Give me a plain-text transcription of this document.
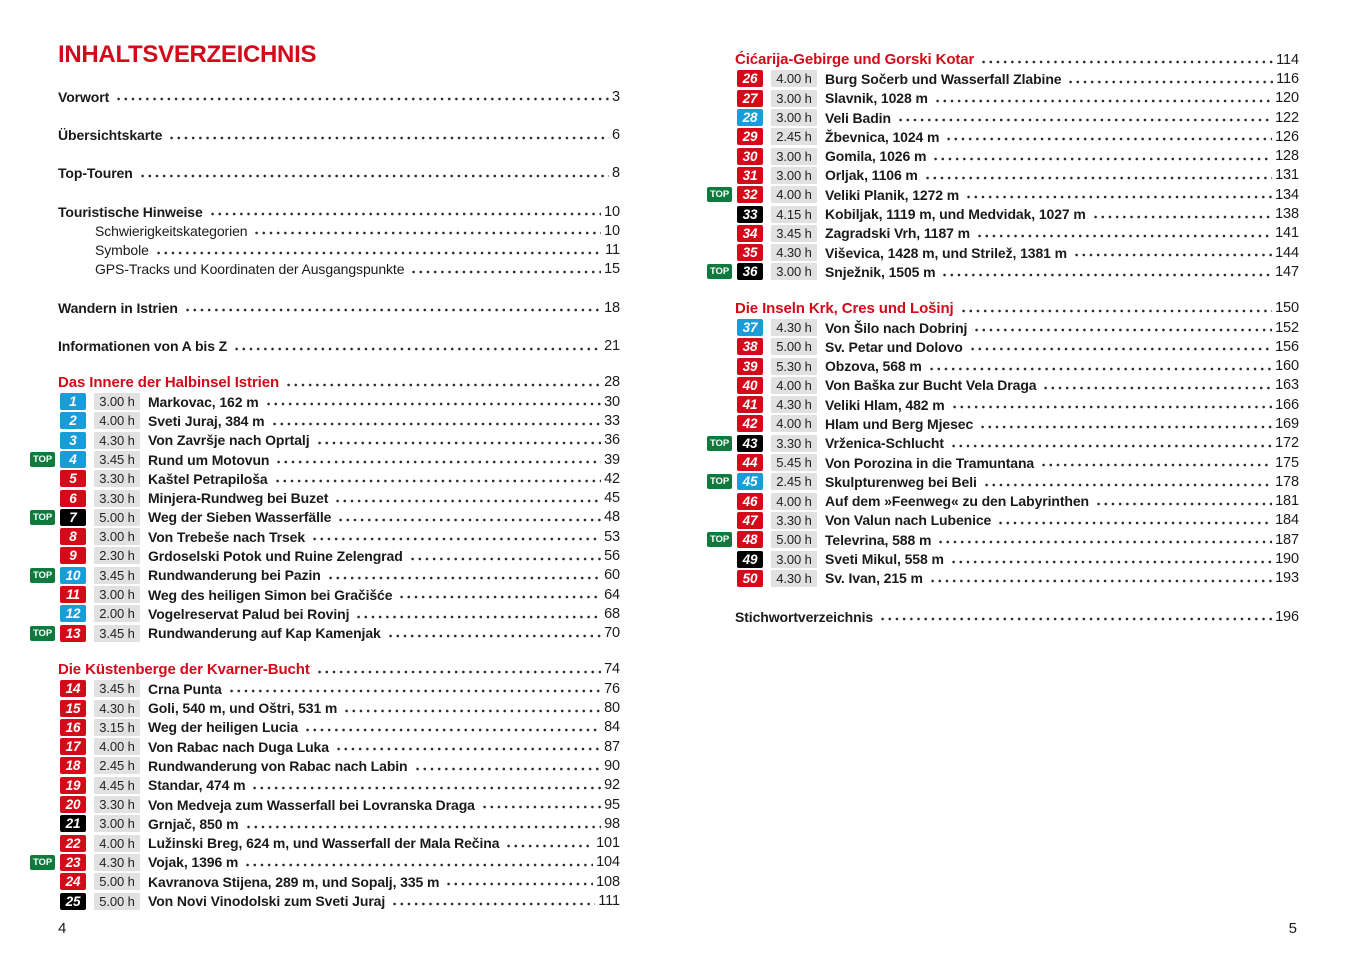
INHALTSVERZEICHNIS
Vorwort	3
Übersichtskarte	6
Top-Touren	8
Touristische Hinweise	10
Schwierigkeitskategorien	10
Symbole	11
GPS-Tracks und Koordinaten der Ausgangspunkte	15
Wandern in Istrien	18
Informationen von A bis Z	21
Das Innere der Halbinsel Istrien	28
1	3.00 h Markovac, 162 m	30
2	4.00 h Sveti Juraj, 384 m	33
3	4.30 h Von Završje nach Oprtalj	36
TOP	4	3.45 h Rund um Motovun	39
5	3.30 h Kaštel Petrapiloša	42
6	3.30 h Minjera-Rundweg bei Buzet	45
TOP	7	5.00 h Weg der Sieben Wasserfälle	48
8	3.00 h Von Trebeše nach Trsek	53
9	2.30 h Grdoselski Potok und Ruine Zelengrad	56
TOP	10	3.45 h Rundwanderung bei Pazin	60
11	3.00 h Weg des heiligen Simon bei Gračišće	64
12	2.00 h Vogelreservat Palud bei Rovinj	68
TOP	13	3.45 h Rundwanderung auf Kap Kamenjak	70
Die Küstenberge der Kvarner-Bucht	74
14	3.45 h Crna Punta	76
15	4.30 h Goli, 540 m, und Oštri, 531 m	80
16	3.15 h Weg der heiligen Lucia	84
17	4.00 h Von Rabac nach Duga Luka	87
18	2.45 h Rundwanderung von Rabac nach Labin	90
19	4.45 h Standar, 474 m	92
20	3.30 h Von Medveja zum Wasserfall bei Lovranska Draga	95
21	3.00 h Grnjač, 850 m	98
22	4.00 h Lužinski Breg, 624 m, und Wasserfall der Mala Rečina	101
TOP	23	4.30 h Vojak, 1396 m	104
24	5.00 h Kavranova Stijena, 289 m, und Sopalj, 335 m	108
25	5.00 h Von Novi Vinodolski zum Sveti Juraj	111
Ćićarija-Gebirge und Gorski Kotar	114
26	4.00 h Burg Sočerb und Wasserfall Zlabine	116
27	3.00 h Slavnik, 1028 m	120
28	3.00 h Veli Badin	122
29	2.45 h Žbevnica, 1024 m	126
30	3.00 h Gomila, 1026 m	128
31	3.00 h Orljak, 1106 m	131
TOP	32	4.00 h Veliki Planik, 1272 m	134
33	4.15 h Kobiljak, 1119 m, und Medvidak, 1027 m	138
34	3.45 h Zagradski Vrh, 1187 m	141
35	4.30 h Viševica, 1428 m, und Strilež, 1381 m	144
TOP	36	3.00 h Snježnik, 1505 m	147
Die Inseln Krk, Cres und Lošinj	150
37	4.30 h Von Šilo nach Dobrinj	152
38	5.00 h Sv. Petar und Dolovo	156
39	5.30 h Obzova, 568 m	160
40	4.00 h Von Baška zur Bucht Vela Draga	163
41	4.30 h Veliki Hlam, 482 m	166
42	4.00 h Hlam und Berg Mjesec	169
TOP	43	3.30 h Vrženica-Schlucht	172
44	5.45 h Von Porozina in die Tramuntana	175
TOP	45	2.45 h Skulpturenweg bei Beli	178
46	4.00 h Auf dem »Feenweg« zu den Labyrinthen	181
47	3.30 h Von Valun nach Lubenice	184
TOP	48	5.00 h Televrina, 588 m	187
49	3.00 h Sveti Mikul, 558 m	190
50	4.30 h Sv. Ivan, 215 m	193
Stichwortverzeichnis	196
4	5
